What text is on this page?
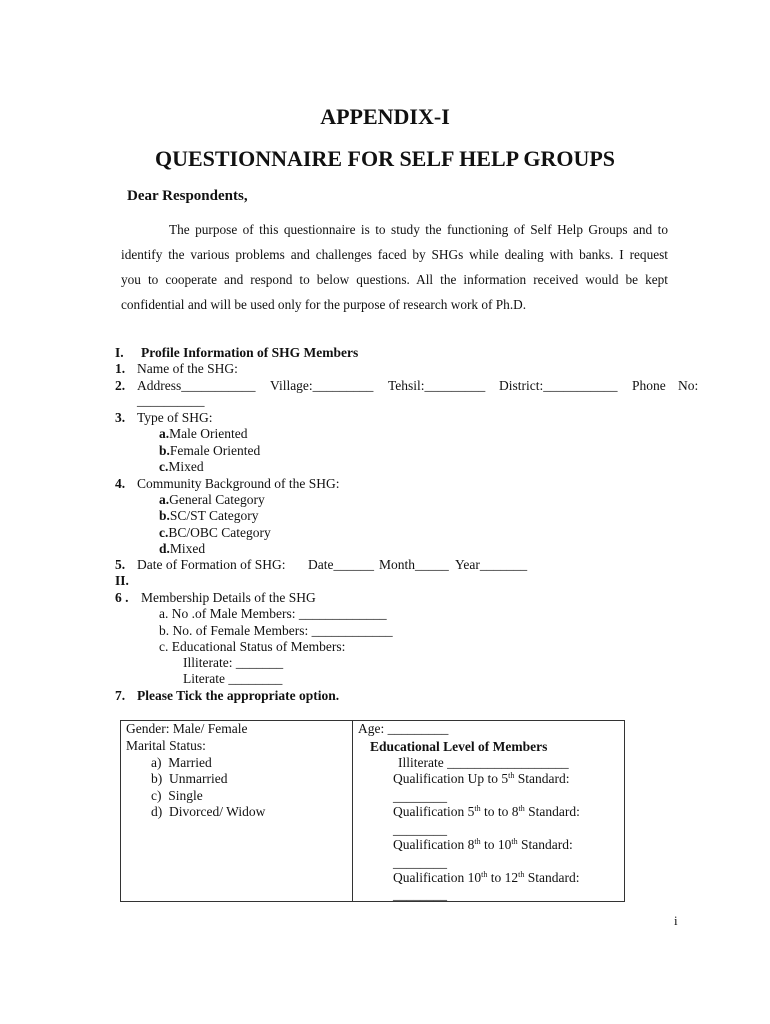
APPENDIX-I
QUESTIONNAIRE FOR SELF HELP GROUPS
Dear Respondents,
The purpose of this questionnaire is to study the functioning of Self Help Groups and to
identify the various problems and challenges faced by SHGs while dealing with banks. I request
you to cooperate and respond to below questions. All the information received would be kept
confidential and will be used only for the purpose of research work of Ph.D.
I. Profile Information of SHG Members
1. Name of the SHG:
2. Address___________ Village:_________ Tehsil:_________ District:___________ Phone No:
__________
3. Type of SHG:
a.Male Oriented
b.Female Oriented
c.Mixed
4. Community Background of the SHG:
a.General Category
b.SC/ST Category
c.BC/OBC Category
d.Mixed
5. Date of Formation of SHG: Date______ Month_____ Year_______
II.
6 . Membership Details of the SHG
a. No .of Male Members: _____________
b. No. of Female Members: ____________
c. Educational Status of Members:
Illiterate: _______
Literate ________
7. Please Tick the appropriate option.
Gender: Male/ Female
Marital Status:
a) Married
b) Unmarried
c) Single
d) Divorced/ Widow
Age: _________
Educational Level of Members
Illiterate __________________
Qualification Up to 5th Standard:
________
Qualification 5th to to 8th Standard:
________
Qualification 8th to 10th Standard:
________
Qualification 10th to 12th Standard:
________
i
